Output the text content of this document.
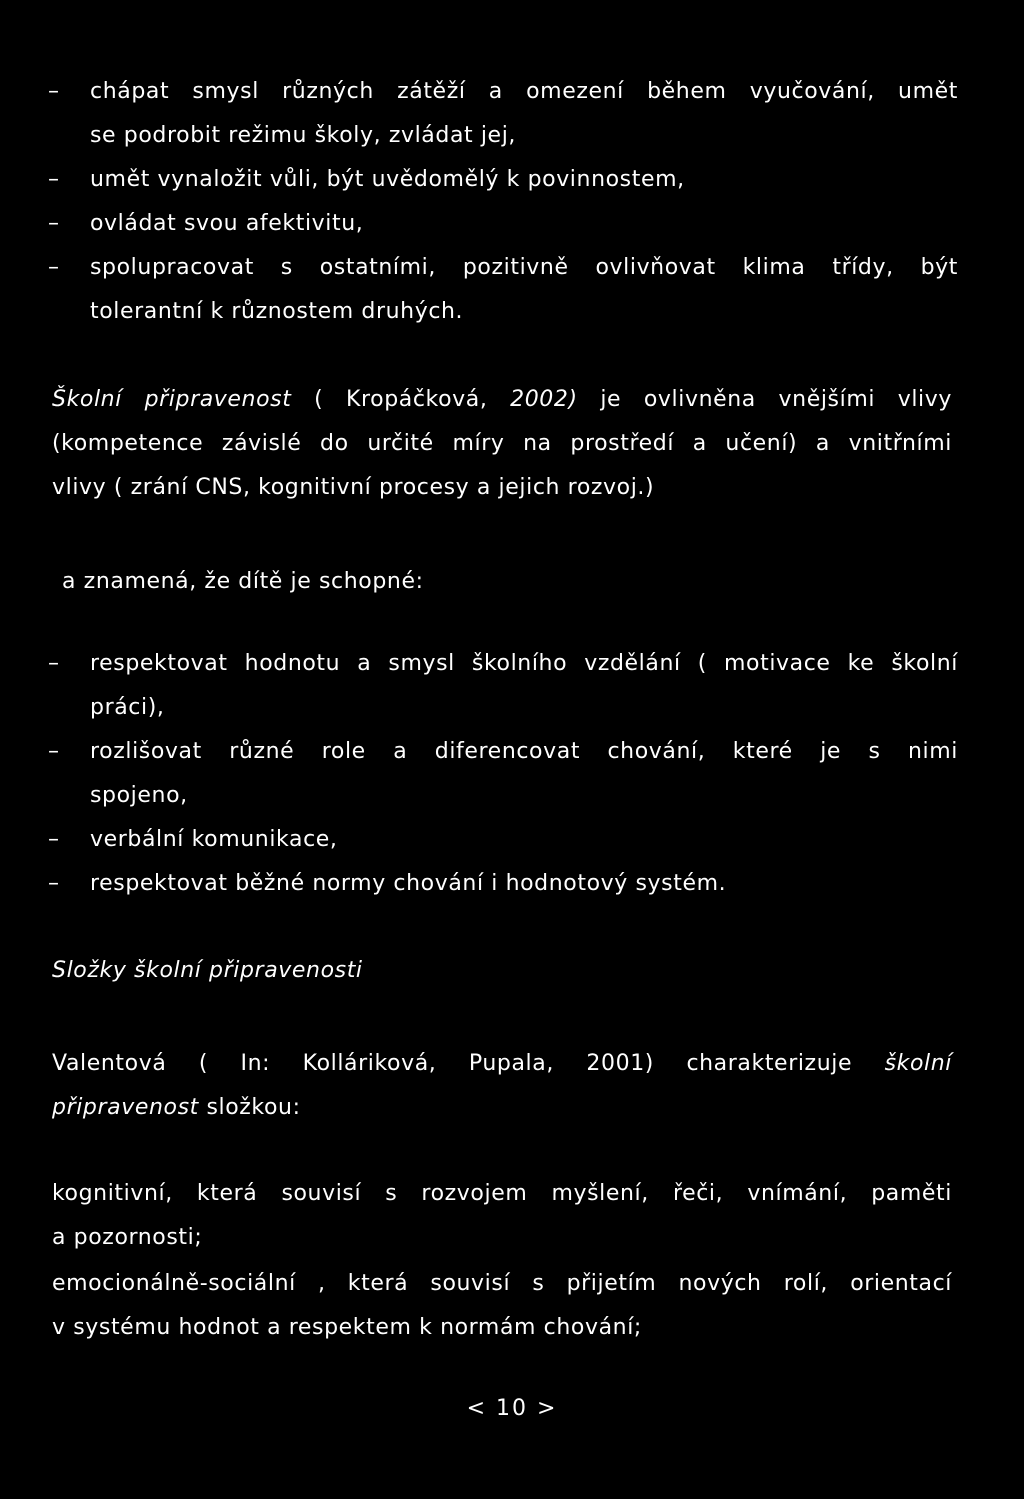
–	chápat smysl různých zátěží a omezení během vyučování, umět
se podrobit režimu školy, zvládat jej,
–	umět vynaložit vůli, být uvědomělý k povinnostem,
–	ovládat svou afektivitu,
–	spolupracovat s ostatními, pozitivně ovlivňovat klima třídy, být
tolerantní k různostem druhých.
Školní připravenost ( Kropáčková, 2002) je ovlivněna vnějšími vlivy
(kompetence závislé do určité míry na prostředí a učení) a vnitřními
vlivy ( zrání CNS, kognitivní procesy a jejich rozvoj.)
a znamená, že dítě je schopné:
–	respektovat hodnotu a smysl školního vzdělání ( motivace ke školní
práci),
–	rozlišovat různé role a diferencovat chování, které je s nimi
spojeno,
–	verbální komunikace,
–	respektovat běžné normy chování i hodnotový systém.
Složky školní připravenosti
Valentová ( In: Kolláriková, Pupala, 2001) charakterizuje školní
připravenost složkou:
kognitivní, která souvisí s rozvojem myšlení, řeči, vnímání, paměti
a pozornosti;
emocionálně-sociální , která souvisí s přijetím nových rolí, orientací
v systému hodnot a respektem k normám chování;
< 10 >
